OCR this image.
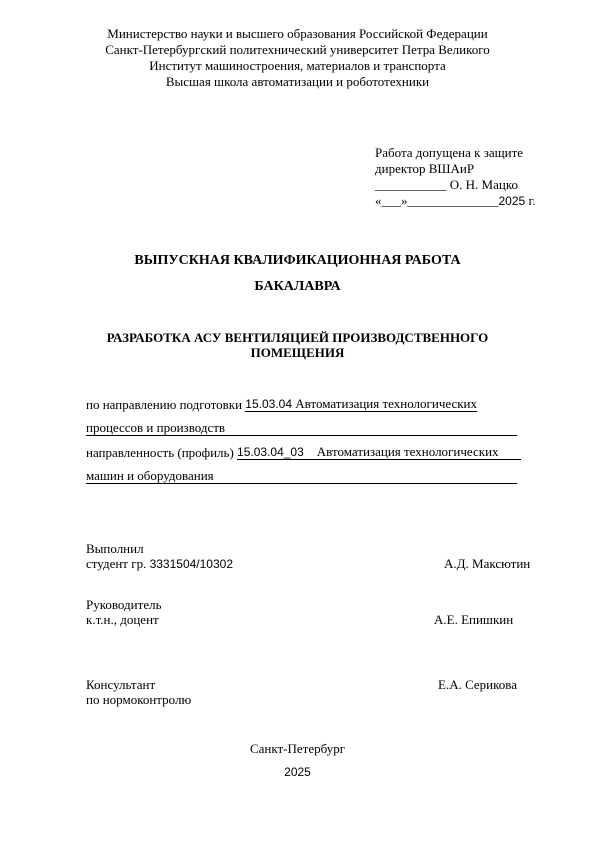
Министерство науки и высшего образования Российской Федерации
Санкт-Петербургский политехнический университет Петра Великого
Институт машиностроения, материалов и транспорта
Высшая школа автоматизации и робототехники
Работа допущена к защите
директор ВШАиР
___________ О. Н. Мацко
«___»______________2025 г.
ВЫПУСКНАЯ КВАЛИФИКАЦИОННАЯ РАБОТА
БАКАЛАВРА
РАЗРАБОТКА АСУ ВЕНТИЛЯЦИЕЙ ПРОИЗВОДСТВЕННОГО
ПОМЕЩЕНИЯ
по направлению подготовки 15.03.04 Автоматизация технологических
процессов и производств
направленность (профиль) 15.03.04_03 Автоматизация технологических
машин и оборудования
Выполнил
студент гр. 3331504/10302	А.Д. Максютин
Руководитель
к.т.н., доцент	А.Е. Епишкин
Консультант	Е.А. Серикова
по нормоконтролю
Санкт-Петербург
2025
